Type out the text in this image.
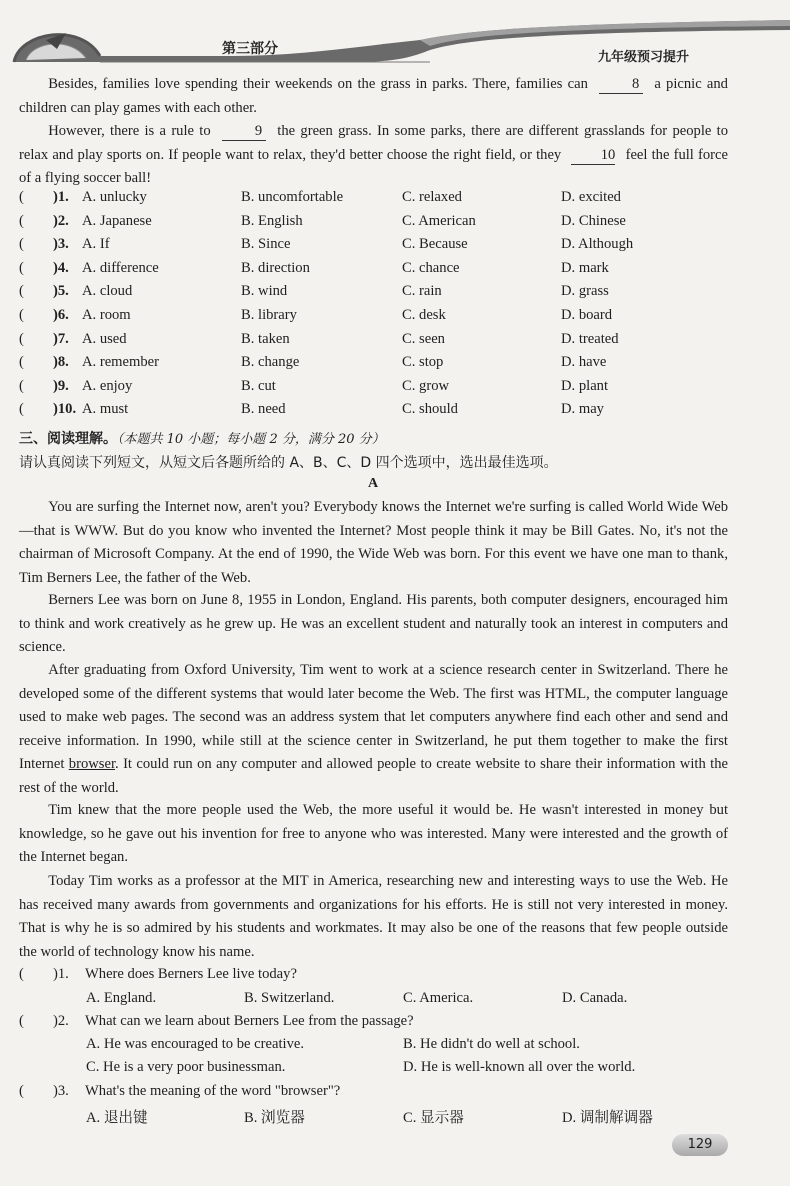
第三部分
九年级预习提升

Besides, families love spending their weekends on the grass in parks. There, families can	8 a picnic and children can play games with each other.

However, there is a rule to	9 the green grass. In some parks, there are different grasslands for people to relax and play sports on. If people want to relax, they'd better choose the right field, or they	10 feel the full force of a flying soccer ball!

( )1. A. unlucky	B. uncomfortable	C. relaxed	D. excited
( )2. A. Japanese	B. English	C. American	D. Chinese
( )3. A. If	B. Since	C. Because	D. Although
( )4. A. difference	B. direction	C. chance	D. mark
( )5. A. cloud	B. wind	C. rain	D. grass
( )6. A. room	B. library	C. desk	D. board
( )7. A. used	B. taken	C. seen	D. treated
( )8. A. remember	B. change	C. stop	D. have
( )9. A. enjoy	B. cut	C. grow	D. plant
( )10. A. must	B. need	C. should	D. may
三、阅读理解。（本题共 10 小题；每小题 2 分，满分 20 分）
请认真阅读下列短文，从短文后各题所给的 A、B、C、D 四个选项中，选出最佳选项。
A

You are surfing the Internet now, aren't you? Everybody knows the Internet we're surfing is called World Wide Web—that is WWW. But do you know who invented the Internet? Most people think it may be Bill Gates. No, it's not the chairman of Microsoft Company. At the end of 1990, the Wide Web was born. For this event we have one man to thank, Tim Berners Lee, the father of the Web.

Berners Lee was born on June 8, 1955 in London, England. His parents, both computer designers, encouraged him to think and work creatively as he grew up. He was an excellent student and naturally took an interest in computers and science.

After graduating from Oxford University, Tim went to work at a science research center in Switzerland. There he developed some of the different systems that would later become the Web. The first was HTML, the computer language used to make web pages. The second was an address system that let computers anywhere find each other and send and receive information. In 1990, while still at the science center in Switzerland, he put them together to make the first Internet browser. It could run on any computer and allowed people to create website to share their information with the rest of the world.

Tim knew that the more people used the Web, the more useful it would be. He wasn't interested in money but knowledge, so he gave out his invention for free to anyone who was interested. Many were interested and the growth of the Internet began.

Today Tim works as a professor at the MIT in America, researching new and interesting ways to use the Web. He has received many awards from governments and organizations for his efforts. He is still not very interested in money. That is why he is so admired by his students and workmates. It may also be one of the reasons that few people outside the world of technology know his name.

( )1. Where does Berners Lee live today?
A. England.	B. Switzerland.	C. America.	D. Canada.
( )2. What can we learn about Berners Lee from the passage?
A. He was encouraged to be creative.	B. He didn't do well at school.
C. He is a very poor businessman.	D. He is well-known all over the world.
( )3. What's the meaning of the word "browser"?
A. 退出键	B. 浏览器	C. 显示器	D. 调制解调器
129
